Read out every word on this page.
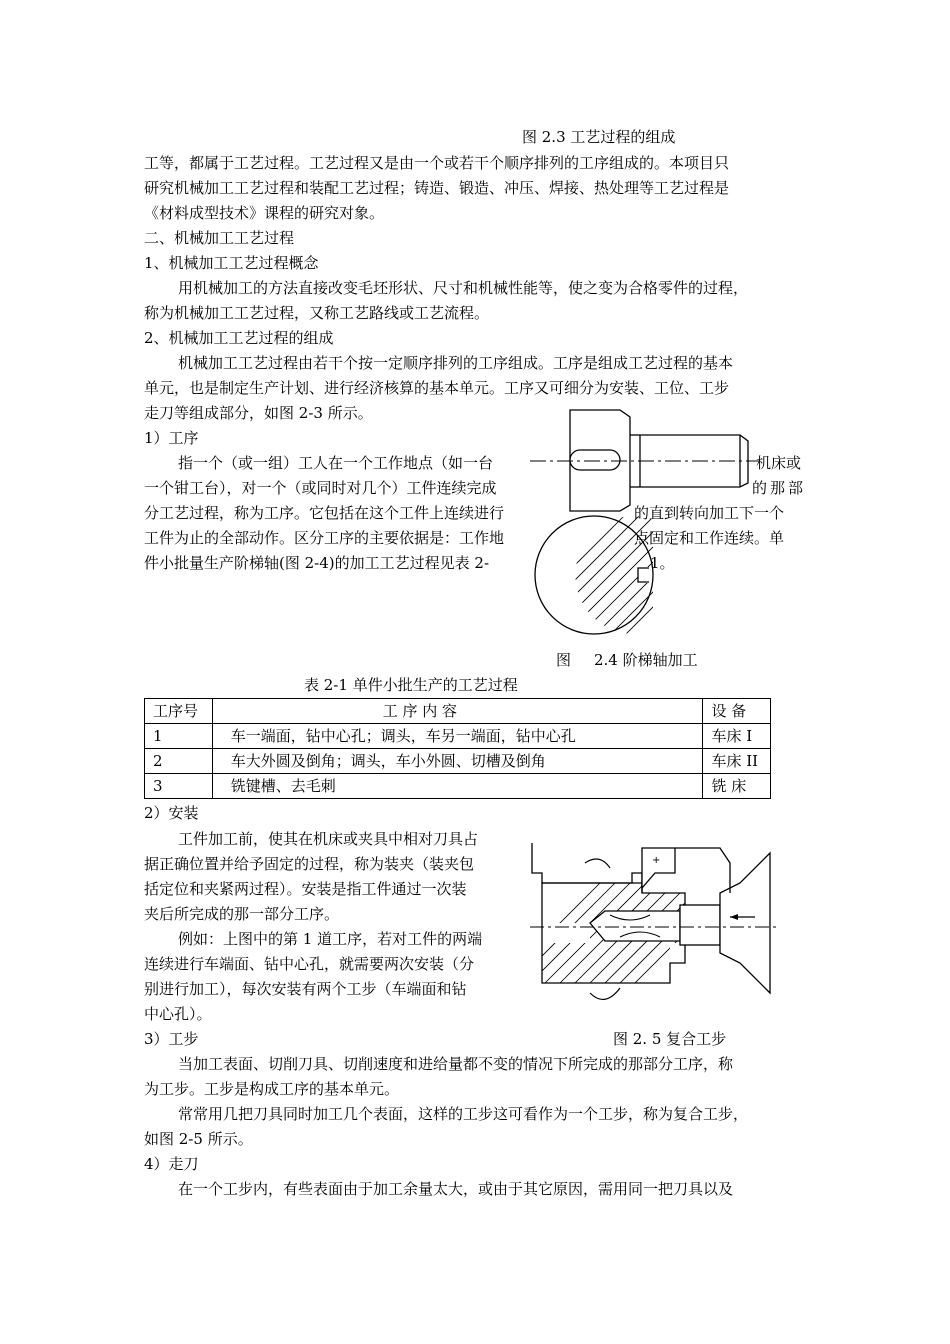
图 2.3 工艺过程的组成
工等，都属于工艺过程。工艺过程又是由一个或若干个顺序排列的工序组成的。本项目只
研究机械加工工艺过程和装配工艺过程；铸造、锻造、冲压、焊接、热处理等工艺过程是
《材料成型技术》课程的研究对象。
二、机械加工工艺过程
1、机械加工工艺过程概念
用机械加工的方法直接改变毛坯形状、尺寸和机械性能等，使之变为合格零件的过程，
称为机械加工工艺过程，又称工艺路线或工艺流程。
2、机械加工工艺过程的组成
机械加工工艺过程由若干个按一定顺序排列的工序组成。工序是组成工艺过程的基本
单元，也是制定生产计划、进行经济核算的基本单元。工序又可细分为安装、工位、工步
走刀等组成部分，如图 2-3 所示。
1）工序
指一个（或一组）工人在一个工作地点（如一台	机床或
一个钳工台），对一个（或同时对几个）工件连续完成	的那部
分工艺过程，称为工序。它包括在这个工件上连续进行	的直到转向加工下一个
工件为止的全部动作。区分工序的主要依据是：工作地	点固定和工作连续。单
件小批量生产阶梯轴(图 2-4)的加工工艺过程见表 2-	1。
图 2.4 阶梯轴加工
表 2-1 单件小批生产的工艺过程
工序号	工 序 内 容	设 备
1	车一端面，钻中心孔；调头，车另一端面，钻中心孔	车床 I
2	车大外圆及倒角；调头，车小外圆、切槽及倒角	车床 II
3	铣键槽、去毛刺	铣 床
2）安装
工件加工前，使其在机床或夹具中相对刀具占
据正确位置并给予固定的过程，称为装夹（装夹包
括定位和夹紧两过程）。安装是指工件通过一次装
夹后所完成的那一部分工序。
例如：上图中的第 1 道工序，若对工件的两端
连续进行车端面、钻中心孔，就需要两次安装（分
别进行加工），每次安装有两个工步（车端面和钻
中心孔）。
+
3）工步	图 2. 5 复合工步
当加工表面、切削刀具、切削速度和进给量都不变的情况下所完成的那部分工序，称
为工步。工步是构成工序的基本单元。
常常用几把刀具同时加工几个表面，这样的工步这可看作为一个工步，称为复合工步，
如图 2-5 所示。
4）走刀
在一个工步内，有些表面由于加工余量太大，或由于其它原因，需用同一把刀具以及
